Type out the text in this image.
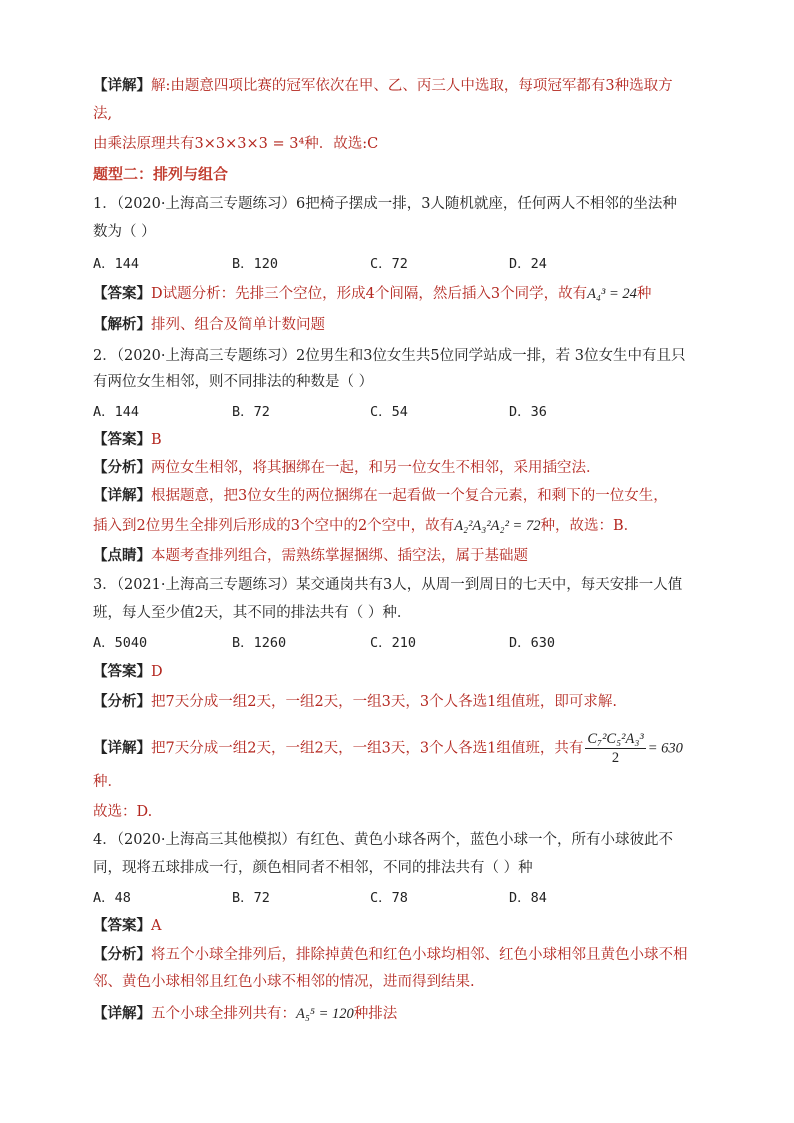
【详解】解:由题意四项比赛的冠军依次在甲、乙、丙三人中选取，每项冠军都有3种选取方
法,
由乘法原理共有3×3×3×3 = 3⁴种．故选:C
题型二：排列与组合
1．（2020·上海高三专题练习）6把椅子摆成一排，3人随机就座，任何两人不相邻的坐法种
数为（ ）
A．144	B．120	C．72	D．24
【答案】D试题分析：先排三个空位，形成4个间隔，然后插入3个同学，故有A₄³ = 24种
【解析】排列、组合及简单计数问题
2．（2020·上海高三专题练习）2位男生和3位女生共5位同学站成一排，若 3位女生中有且只
有两位女生相邻，则不同排法的种数是（ ）
A．144	B．72	C．54	D．36
【答案】B
【分析】两位女生相邻，将其捆绑在一起，和另一位女生不相邻，采用插空法．
【详解】根据题意，把3位女生的两位捆绑在一起看做一个复合元素，和剩下的一位女生，
插入到2位男生全排列后形成的3个空中的2个空中，故有A₂²A₃²A₂² = 72种，故选：B．
【点睛】本题考查排列组合，需熟练掌握捆绑、插空法，属于基础题
3．（2021·上海高三专题练习）某交通岗共有3人，从周一到周日的七天中，每天安排一人值
班，每人至少值2天，其不同的排法共有（ ）种．
A．5040	B．1260	C．210	D．630
【答案】D
【分析】把7天分成一组2天，一组2天，一组3天，3个人各选1组值班，即可求解.
【详解】把7天分成一组2天，一组2天，一组3天，3个人各选1组值班，共有 $\frac{\text{C₇²C₅²A₃³}}{2} = 630$
种．
故选：D.
4．（2020·上海高三其他模拟）有红色、黄色小球各两个，蓝色小球一个，所有小球彼此不
同，现将五球排成一行，颜色相同者不相邻，不同的排法共有（ ）种
A．48	B．72	C．78	D．84
【答案】A
【分析】将五个小球全排列后，排除掉黄色和红色小球均相邻、红色小球相邻且黄色小球不相
邻、黄色小球相邻且红色小球不相邻的情况，进而得到结果.
【详解】五个小球全排列共有：A₅⁵ = 120种排法
